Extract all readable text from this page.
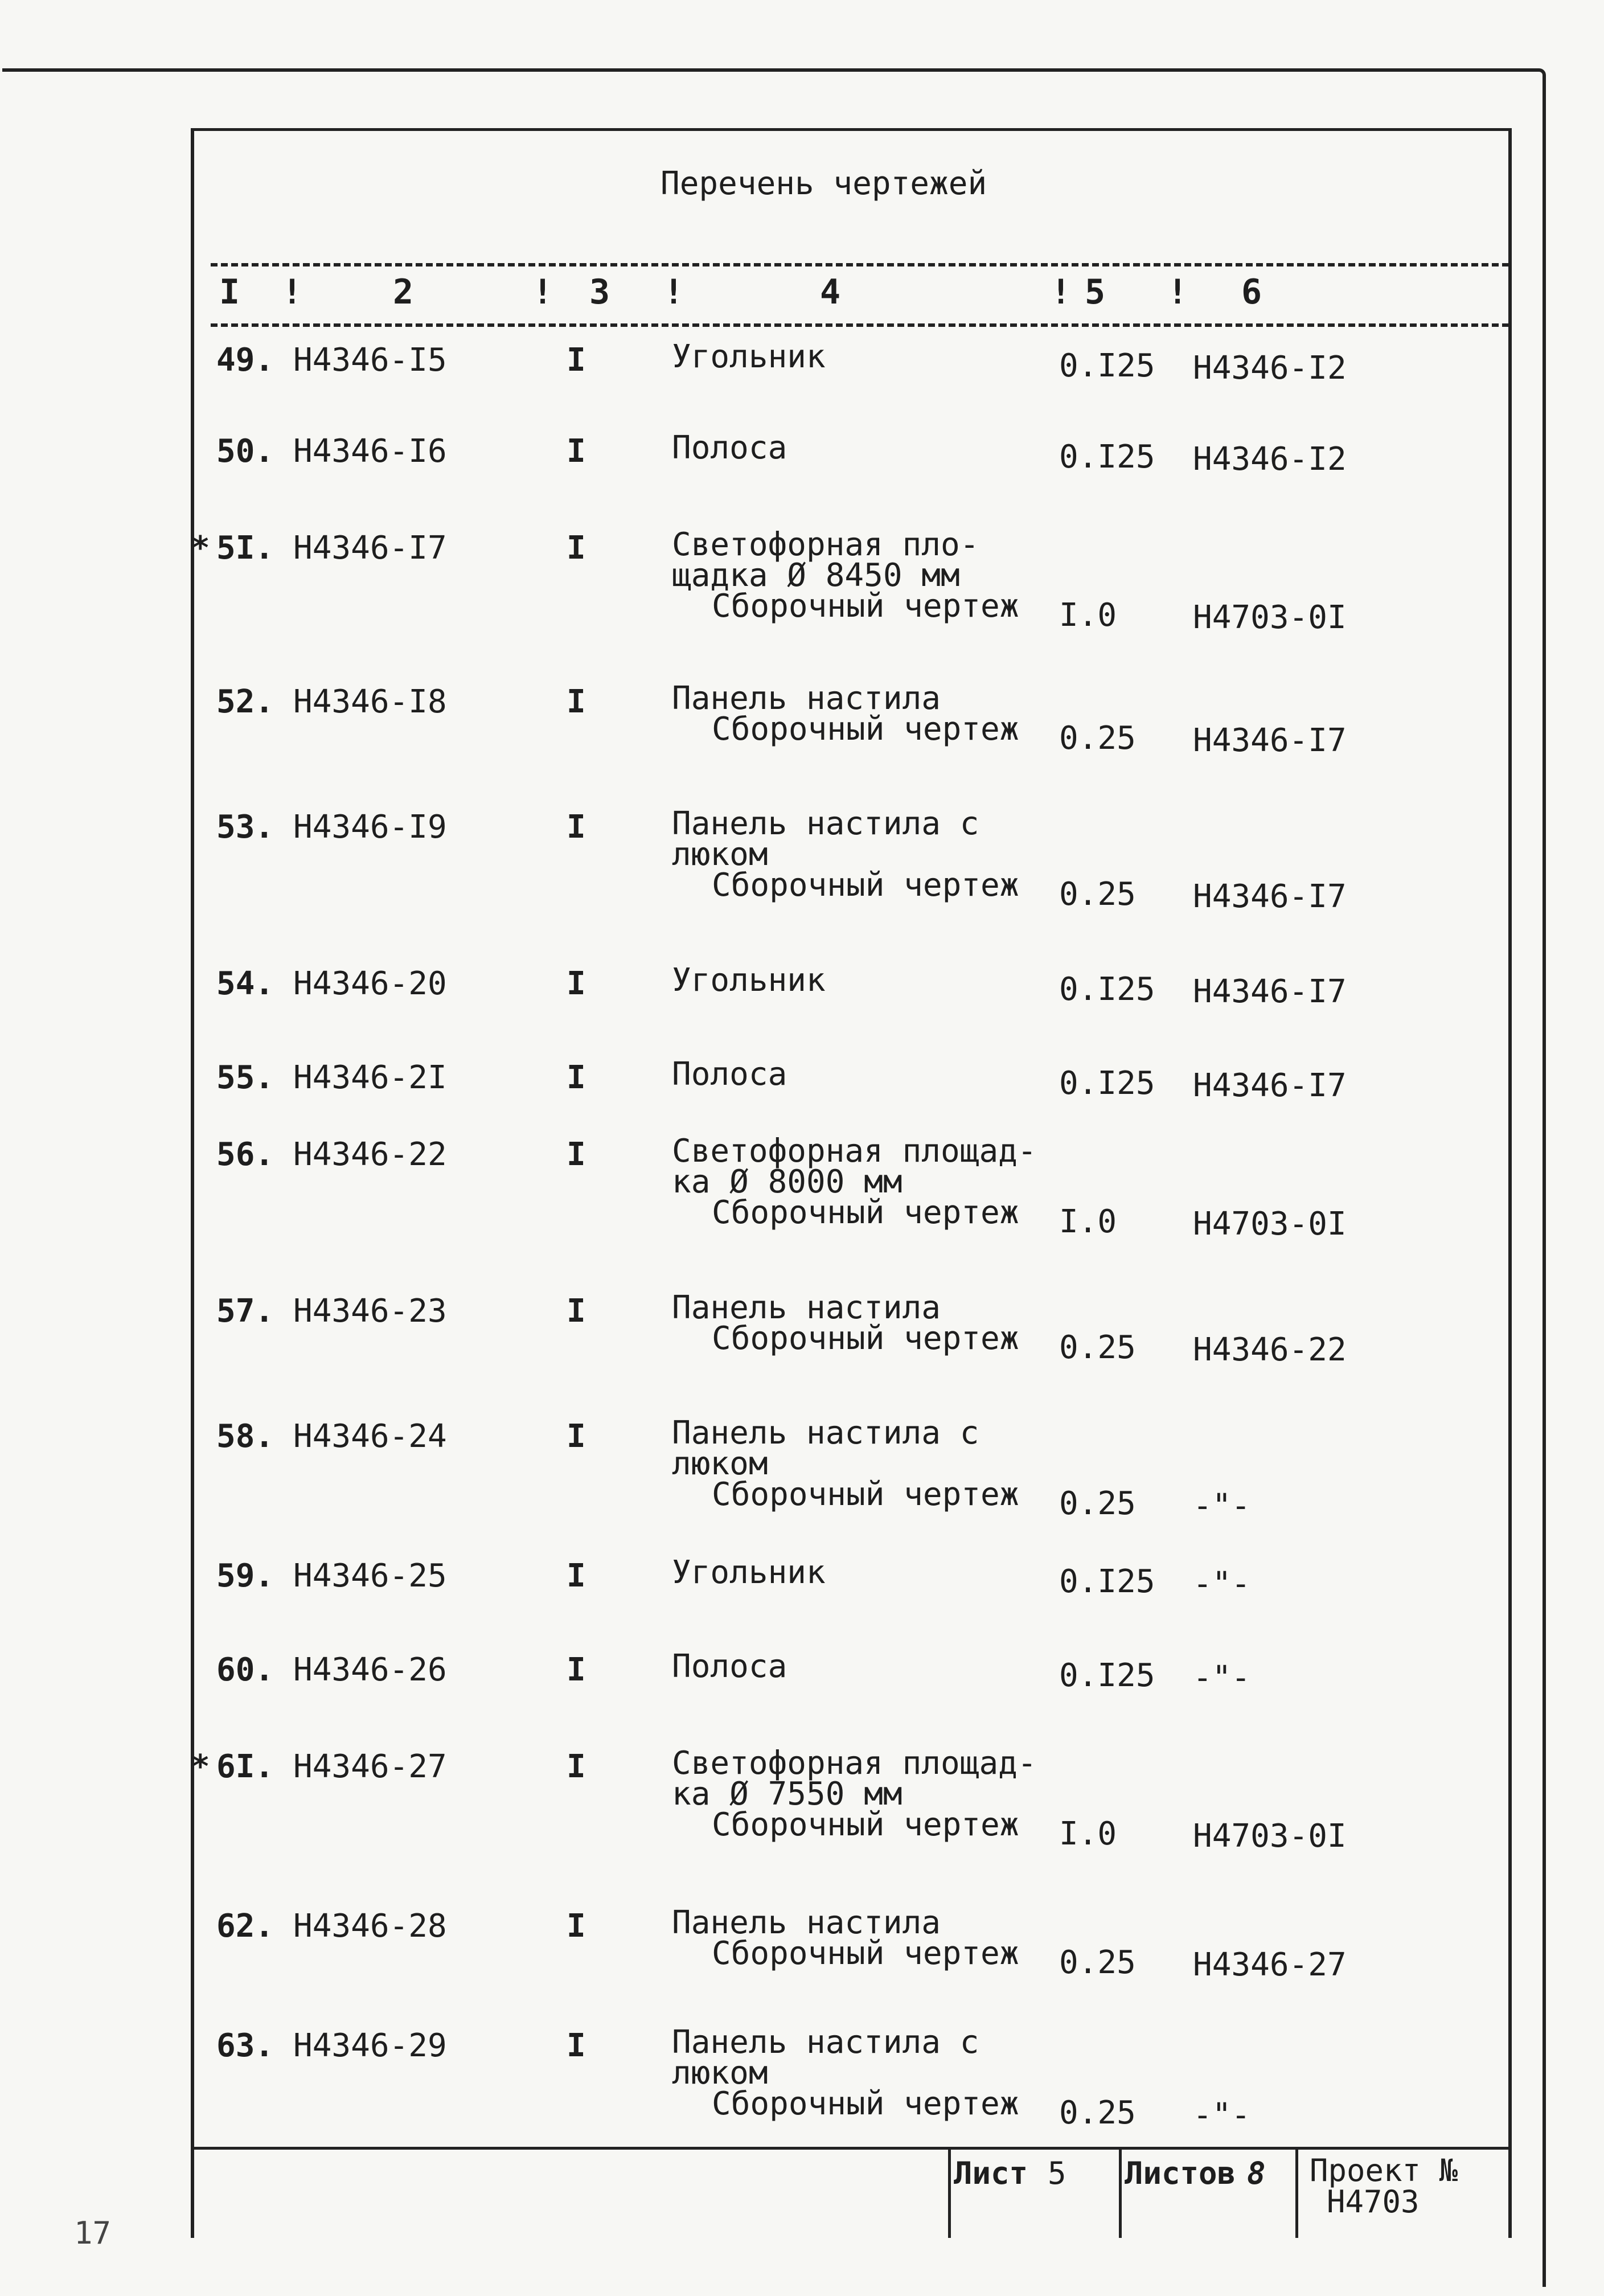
Перечень чертежей
I !	2	! 3 !	4	! 5 ! 6
49. Н4346-I5	I	Угольник	0.I25 Н4346-I2
50. Н4346-I6	I	Полоса	0.I25 Н4346-I2
* 5I. Н4346-I7	I	Светофорная пло-
щадка Ø 8450 мм
Сборочный чертеж I.0 Н4703-0I
52. Н4346-I8	I	Панель настила
Сборочный чертеж 0.25 Н4346-I7
53. Н4346-I9	I	Панель настила с
люком
Сборочный чертеж 0.25 Н4346-I7
54. Н4346-20	I	Угольник	0.I25 Н4346-I7
55. Н4346-2I	I	Полоса	0.I25 Н4346-I7
56. Н4346-22	I	Светофорная площад-
ка Ø 8000 мм
Сборочный чертеж I.0 Н4703-0I
57. Н4346-23	I	Панель настила
Сборочный чертеж 0.25 Н4346-22
58. Н4346-24	I	Панель настила с
люком
Сборочный чертеж 0.25 -"-
59. Н4346-25	I	Угольник	0.I25 -"-
60. Н4346-26	I	Полоса	0.I25 -"-
* 6I. Н4346-27	I	Светофорная площад-
ка Ø 7550 мм
Сборочный чертеж I.0 Н4703-0I
62. Н4346-28	I	Панель настила
Сборочный чертеж 0.25 Н4346-27
63. Н4346-29	I	Панель настила с
люком
Сборочный чертеж 0.25 -"-
Лист 5 Листов 8 Проект №
Н4703
17
